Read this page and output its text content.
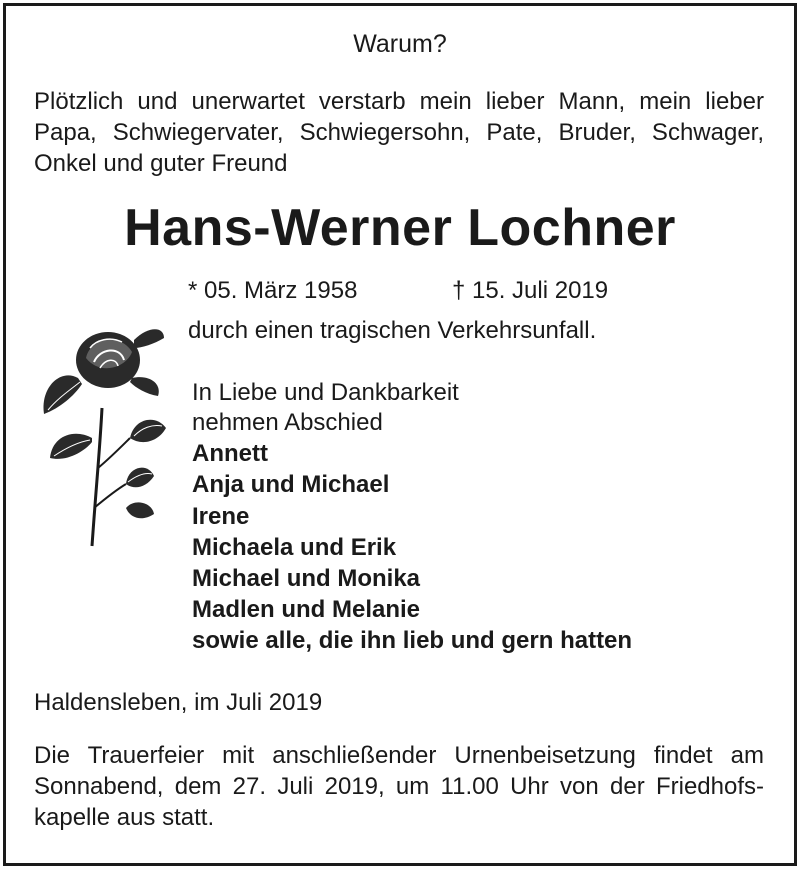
Warum?
Plötzlich und unerwartet verstarb mein lieber Mann, mein lieber Papa, Schwiegervater, Schwiegersohn, Pate, Bruder, Schwager, Onkel und guter Freund
Hans-Werner Lochner
* 05. März 1958	† 15. Juli 2019
durch einen tragischen Verkehrsunfall.
In Liebe und Dankbarkeit
nehmen Abschied
Annett
Anja und Michael
Irene
Michaela und Erik
Michael und Monika
Madlen und Melanie
sowie alle, die ihn lieb und gern hatten
Haldensleben, im Juli 2019
Die Trauerfeier mit anschließender Urnenbeisetzung findet am Sonnabend, dem 27. Juli 2019, um 11.00 Uhr von der Friedhofs-kapelle aus statt.
